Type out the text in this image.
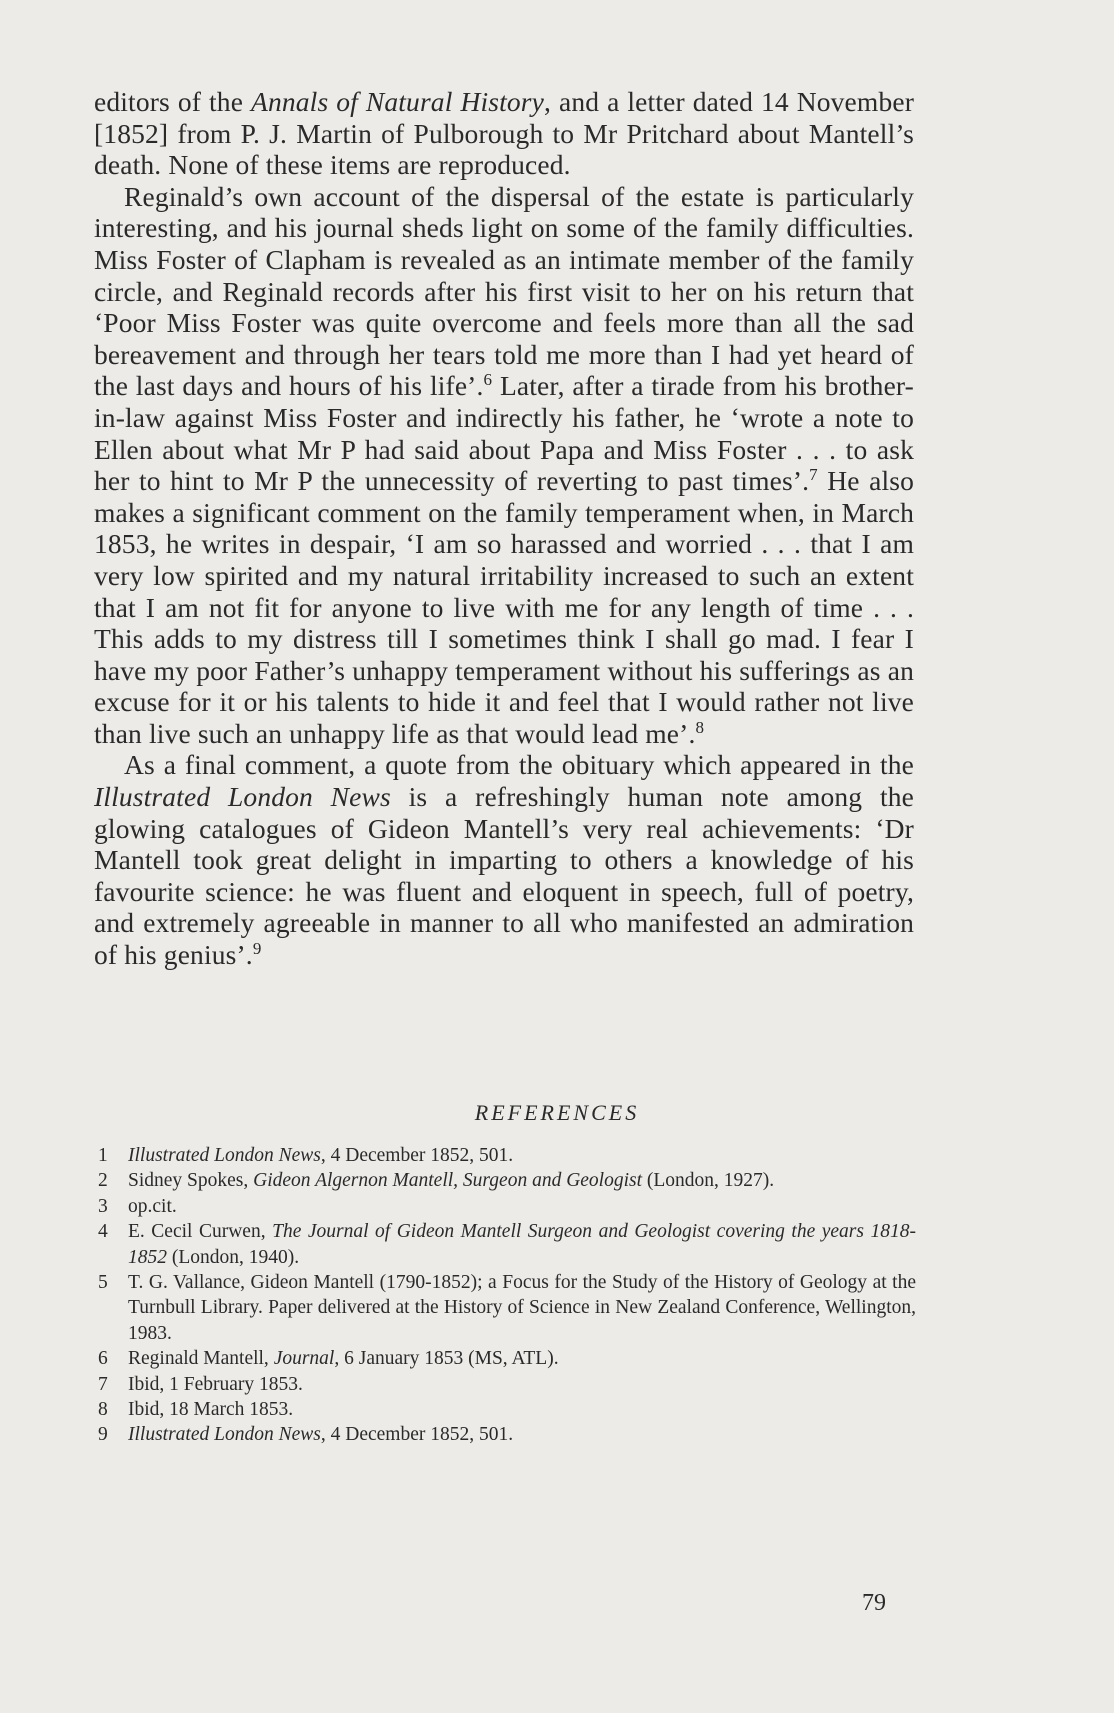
editors of the Annals of Natural History, and a letter dated 14 November [1852] from P. J. Martin of Pulborough to Mr Pritchard about Mantell’s death. None of these items are reproduced.

Reginald’s own account of the dispersal of the estate is particularly interesting, and his journal sheds light on some of the family difficulties. Miss Foster of Clapham is revealed as an intimate member of the family circle, and Reginald records after his first visit to her on his return that ‘Poor Miss Foster was quite overcome and feels more than all the sad bereavement and through her tears told me more than I had yet heard of the last days and hours of his life’.$^6$ Later, after a tirade from his brother-in-law against Miss Foster and indirectly his father, he ‘wrote a note to Ellen about what Mr P had said about Papa and Miss Foster . . . to ask her to hint to Mr P the unnecessity of reverting to past times’.$^7$ He also makes a significant comment on the family temperament when, in March 1853, he writes in despair, ‘I am so harassed and worried . . . that I am very low spirited and my natural irritability increased to such an extent that I am not fit for anyone to live with me for any length of time . . . This adds to my distress till I sometimes think I shall go mad. I fear I have my poor Father’s unhappy temperament without his sufferings as an excuse for it or his talents to hide it and feel that I would rather not live than live such an unhappy life as that would lead me’.$^8$

As a final comment, a quote from the obituary which appeared in the Illustrated London News is a refreshingly human note among the glowing catalogues of Gideon Mantell’s very real achievements: ‘Dr Mantell took great delight in imparting to others a knowledge of his favourite science: he was fluent and eloquent in speech, full of poetry, and extremely agreeable in manner to all who manifested an admiration of his genius’.$^9$

REFERENCES
1	Illustrated London News, 4 December 1852, 501.
2	Sidney Spokes, Gideon Algernon Mantell, Surgeon and Geologist (London, 1927).
3	op.cit.
4	E. Cecil Curwen, The Journal of Gideon Mantell Surgeon and Geologist covering the years 1818-1852 (London, 1940).
5	T. G. Vallance, Gideon Mantell (1790-1852); a Focus for the Study of the History of Geology at the Turnbull Library. Paper delivered at the History of Science in New Zealand Conference, Wellington, 1983.
6	Reginald Mantell, Journal, 6 January 1853 (MS, ATL).
7	Ibid, 1 February 1853.
8	Ibid, 18 March 1853.
9	Illustrated London News, 4 December 1852, 501.
79
